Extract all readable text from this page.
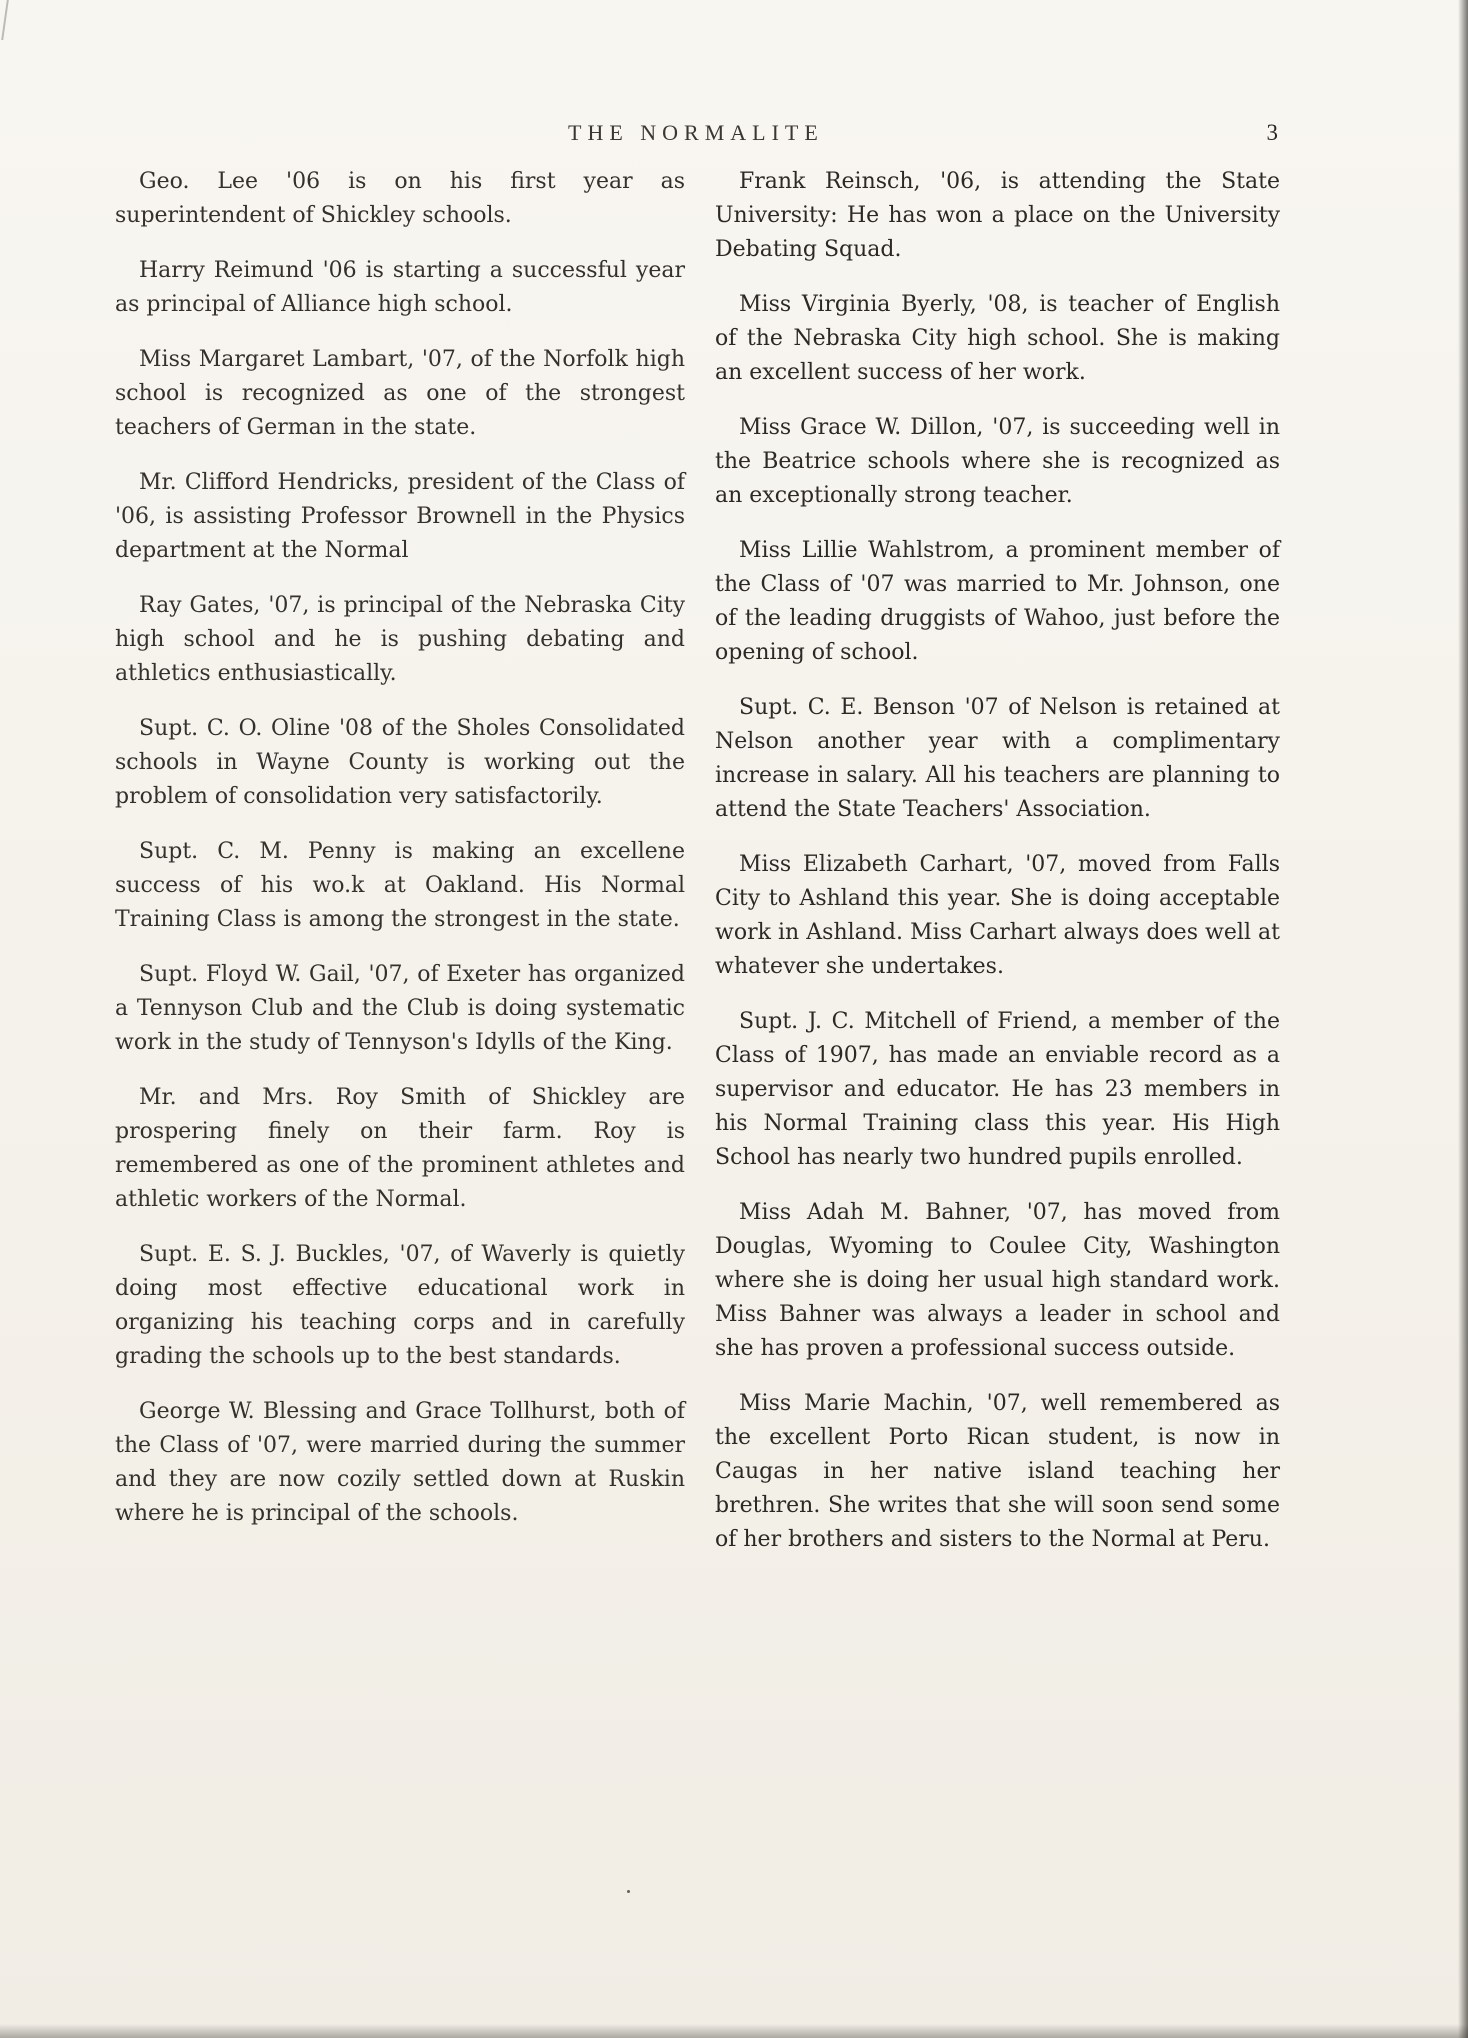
THE NORMALITE	3

Geo. Lee '06 is on his first year as superintendent of Shickley schools.

Harry Reimund '06 is starting a successful year as principal of Alliance high school.

Miss Margaret Lambart, '07, of the Norfolk high school is recognized as one of the strongest teachers of German in the state.

Mr. Clifford Hendricks, president of the Class of '06, is assisting Professor Brownell in the Physics department at the Normal

Ray Gates, '07, is principal of the Nebraska City high school and he is pushing debating and athletics enthusiastically.

Supt. C. O. Oline '08 of the Sholes Consolidated schools in Wayne County is working out the problem of consolidation very satisfactorily.

Supt. C. M. Penny is making an excellene success of his wo.k at Oakland. His Normal Training Class is among the strongest in the state.

Supt. Floyd W. Gail, '07, of Exeter has organized a Tennyson Club and the Club is doing systematic work in the study of Tennyson's Idylls of the King.

Mr. and Mrs. Roy Smith of Shickley are prospering finely on their farm. Roy is remembered as one of the prominent athletes and athletic workers of the Normal.

Supt. E. S. J. Buckles, '07, of Waverly is quietly doing most effective educational work in organizing his teaching corps and in carefully grading the schools up to the best standards.

George W. Blessing and Grace Tollhurst, both of the Class of '07, were married during the summer and they are now cozily settled down at Ruskin where he is principal of the schools.

Frank Reinsch, '06, is attending the State University: He has won a place on the University Debating Squad.

Miss Virginia Byerly, '08, is teacher of English of the Nebraska City high school. She is making an excellent success of her work.

Miss Grace W. Dillon, '07, is succeeding well in the Beatrice schools where she is recognized as an exceptionally strong teacher.

Miss Lillie Wahlstrom, a prominent member of the Class of '07 was married to Mr. Johnson, one of the leading druggists of Wahoo, just before the opening of school.

Supt. C. E. Benson '07 of Nelson is retained at Nelson another year with a complimentary increase in salary. All his teachers are planning to attend the State Teachers' Association.

Miss Elizabeth Carhart, '07, moved from Falls City to Ashland this year. She is doing acceptable work in Ashland. Miss Carhart always does well at whatever she undertakes.

Supt. J. C. Mitchell of Friend, a member of the Class of 1907, has made an enviable record as a supervisor and educator. He has 23 members in his Normal Training class this year. His High School has nearly two hundred pupils enrolled.

Miss Adah M. Bahner, '07, has moved from Douglas, Wyoming to Coulee City, Washington where she is doing her usual high standard work. Miss Bahner was always a leader in school and she has proven a professional success outside.

Miss Marie Machin, '07, well remembered as the excellent Porto Rican student, is now in Caugas in her native island teaching her brethren. She writes that she will soon send some of her brothers and sisters to the Normal at Peru.
